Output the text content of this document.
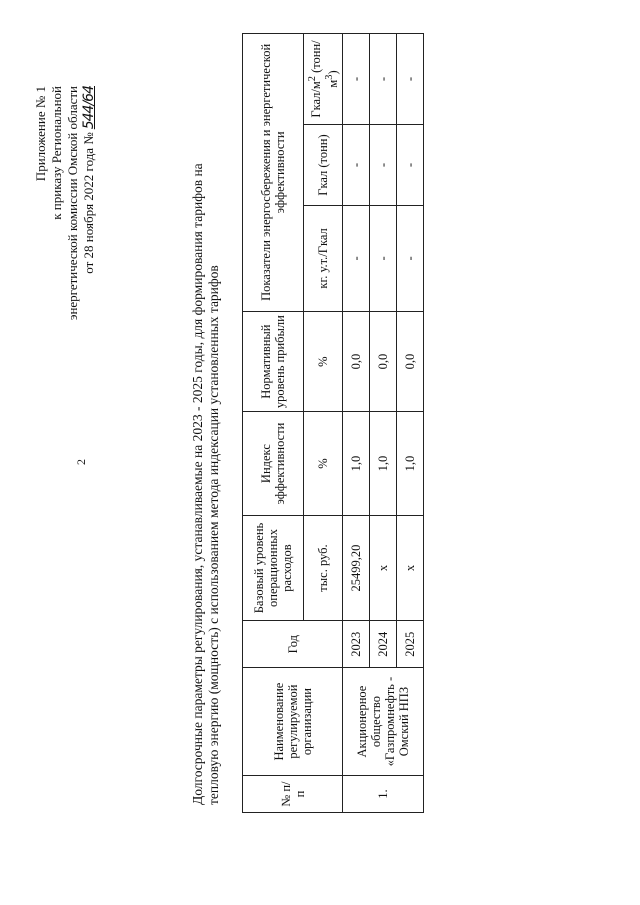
2
Приложение № 1 к приказу Региональной энергетической комиссии Омской области от 28 ноября 2022 года №544/64
Долгосрочные параметры регулирования, устанавливаемые на 2023 - 2025 годы, для формирования тарифов на тепловую энергию (мощность) с использованием метода индексации установленных тарифов	№ п/п	Наименование регулируемой организации	Год	Базовый уровень операционных расходов	Индекс эффективности	Нормативный уровень прибыли	Показатели энергосбережения и энергетической эффективности		
			тыс. руб.	%	%	кг. у.т./Гкал	Гкал (тонн)	Гкал/$м^2$ $(тонн/м^3)$
1.	Акционерное общество «Газпромнефть - Омский НПЗ	2023	25499,20	1,0	0,0	-	-	-
		2024	х	1,0	0,0	-	-	-
		2025	х	1,0	0,0	-	-	-
